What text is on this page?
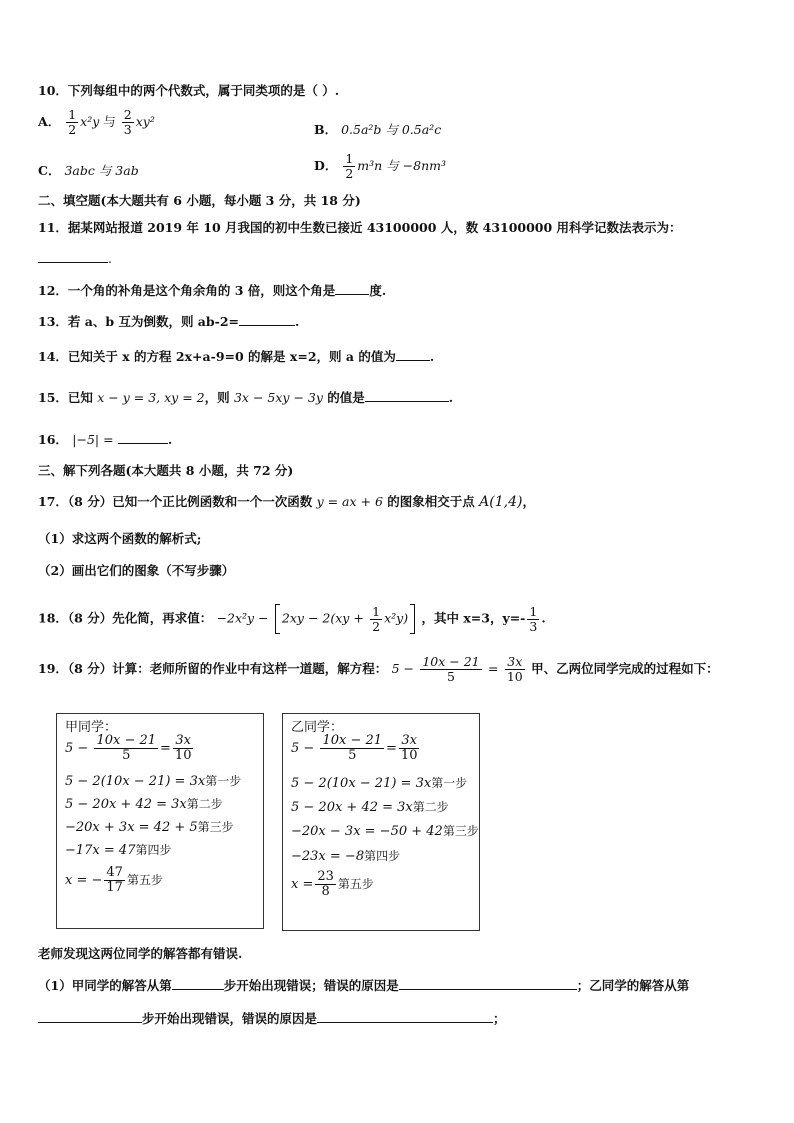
10．下列每组中的两个代数式，属于同类项的是（ ）.
A． $\frac{1}{2} x^2y$ 与 $\frac{2}{3} xy^2$
B． 0.5a²b 与 0.5a²c
C． 3abc 与 3ab	D． $\frac{1}{2} m^3n$ 与 −8nm³
二、填空题(本大题共有 6 小题，每小题 3 分，共 18 分)
11．据某网站报道 2019 年 10 月我国的初中生数已接近 43100000 人，数 43100000 用科学记数法表示为：
.
12．一个角的补角是这个角余角的 3 倍，则这个角是	度.
13．若 a、b 互为倒数，则 ab-2=	.
14．已知关于 x 的方程 2x+a-9=0 的解是 x=2，则 a 的值为	.
15．已知 x − y = 3, xy = 2，则 3x − 5xy − 3y 的值是	.
16． |−5| =	.
三、解下列各题(本大题共 8 小题，共 72 分)
17．（8 分）已知一个正比例函数和一个一次函数 y = ax + 6 的图象相交于点 A(1,4)，
（1）求这两个函数的解析式;
（2）画出它们的图象（不写步骤）
18．（8 分）先化简，再求值： $-2x^2y - 2xy - 2(xy + \frac{1}{2} x^2y)$ ，其中 x=3，$y=- \frac{1}{3}$ .
19．（8 分）计算：老师所留的作业中有这样一道题，解方程： $5 - \frac{10x - 21}{5} = \frac{3x}{10}$ 甲、乙两位同学完成的过程如下：
甲同学：
$5 - \frac{10x - 21}{5} = \frac{3x}{10}$
5 − 2(10x − 21) = 3x第一步
5 − 20x + 42 = 3x第二步
−20x + 3x = 42 + 5第三步
−17x = 47第四步
x = − $\frac{47}{17}$ 第五步
乙同学：
$5 - \frac{10x - 21}{5} = \frac{3x}{10}$
5 − 2(10x − 21) = 3x第一步
5 − 20x + 42 = 3x第二步
−20x − 3x = −50 + 42第三步
−23x = −8第四步
$x = \frac{23}{8}$ 第五步
老师发现这两位同学的解答都有错误.
（1）甲同学的解答从第	步开始出现错误；错误的原因是	；乙同学的解答从第
步开始出现错误，错误的原因是	；
